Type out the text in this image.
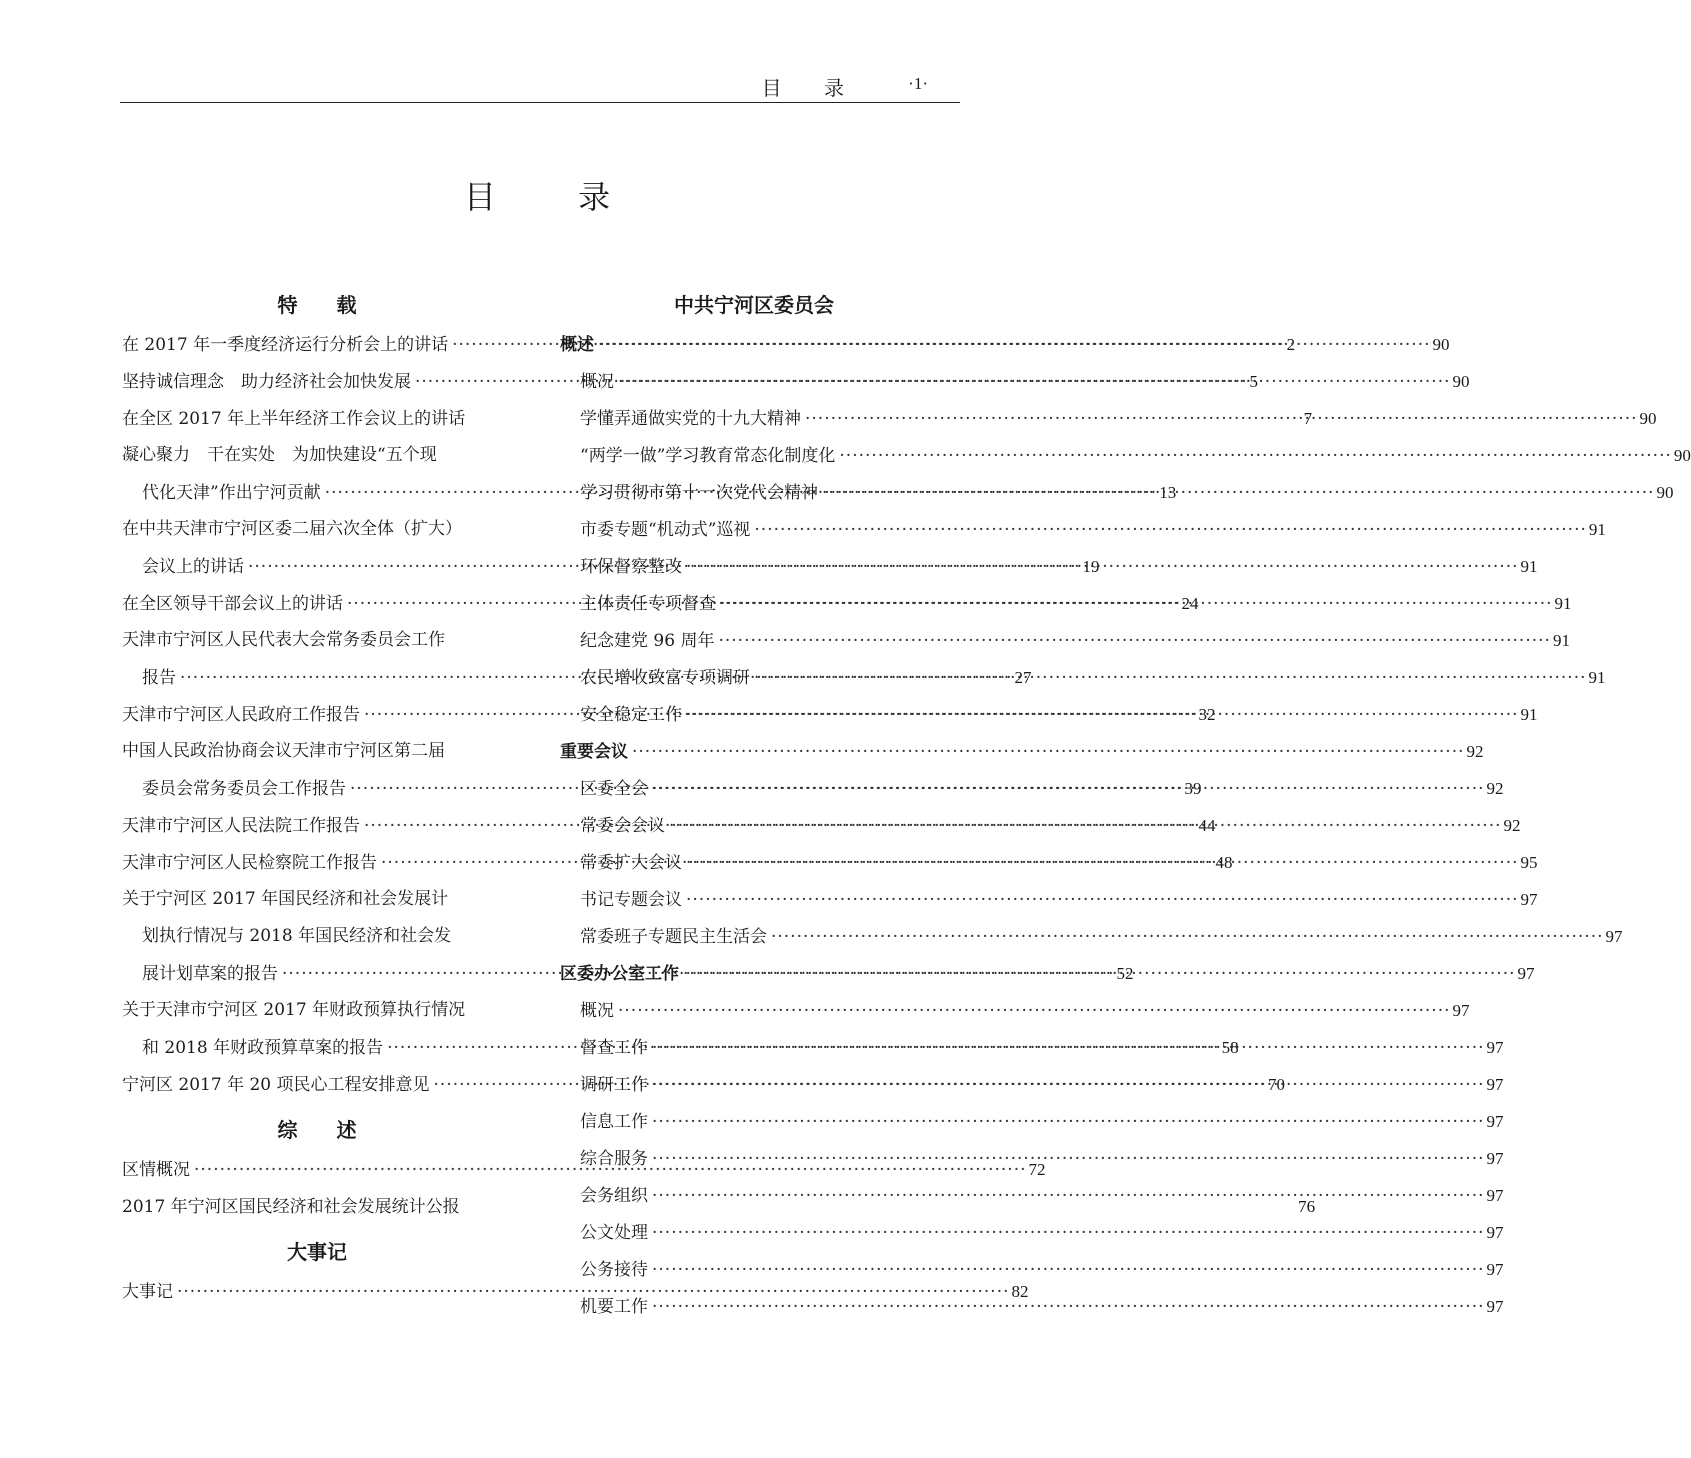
目 录	·1·
目 录
特 载
在 2017 年一季度经济运行分析会上的讲话 ·····	2
坚持诚信理念　助力经济社会加快发展 ·····	5
在全区 2017 年上半年经济工作会议上的讲话	7
凝心聚力　干在实处　为加快建设“五个现
代化天津”作出宁河贡献 ·····	13
在中共天津市宁河区委二届六次全体（扩大）
会议上的讲话 ·····	19
在全区领导干部会议上的讲话 ·····	24
天津市宁河区人民代表大会常务委员会工作
报告 ·····	27
天津市宁河区人民政府工作报告 ·····	32
中国人民政治协商会议天津市宁河区第二届
委员会常务委员会工作报告 ·····	39
天津市宁河区人民法院工作报告 ·····	44
天津市宁河区人民检察院工作报告 ·····	48
关于宁河区 2017 年国民经济和社会发展计
划执行情况与 2018 年国民经济和社会发
展计划草案的报告 ·····	52
关于天津市宁河区 2017 年财政预算执行情况
和 2018 年财政预算草案的报告 ·····	58
宁河区 2017 年 20 项民心工程安排意见 ·····	70
综 述
区情概况 ·····	72
2017 年宁河区国民经济和社会发展统计公报	76
大事记
大事记 ·····	82
中共宁河区委员会
概述 ·····	90
概况 ·····	90
学懂弄通做实党的十九大精神 ·····	90
“两学一做”学习教育常态化制度化 ·····	90
学习贯彻市第十一次党代会精神 ·····	90
市委专题“机动式”巡视 ·····	91
环保督察整改 ·····	91
主体责任专项督查 ·····	91
纪念建党 96 周年 ·····	91
农民增收致富专项调研 ·····	91
安全稳定工作 ·····	91
重要会议 ·····	92
区委全会 ·····	92
常委会会议 ·····	92
常委扩大会议 ·····	95
书记专题会议 ·····	97
常委班子专题民主生活会 ·····	97
区委办公室工作 ·····	97
概况 ·····	97
督查工作 ·····	97
调研工作 ·····	97
信息工作 ·····	97
综合服务 ·····	97
会务组织 ·····	97
公文处理 ·····	97
公务接待 ·····	97
机要工作 ·····	97
